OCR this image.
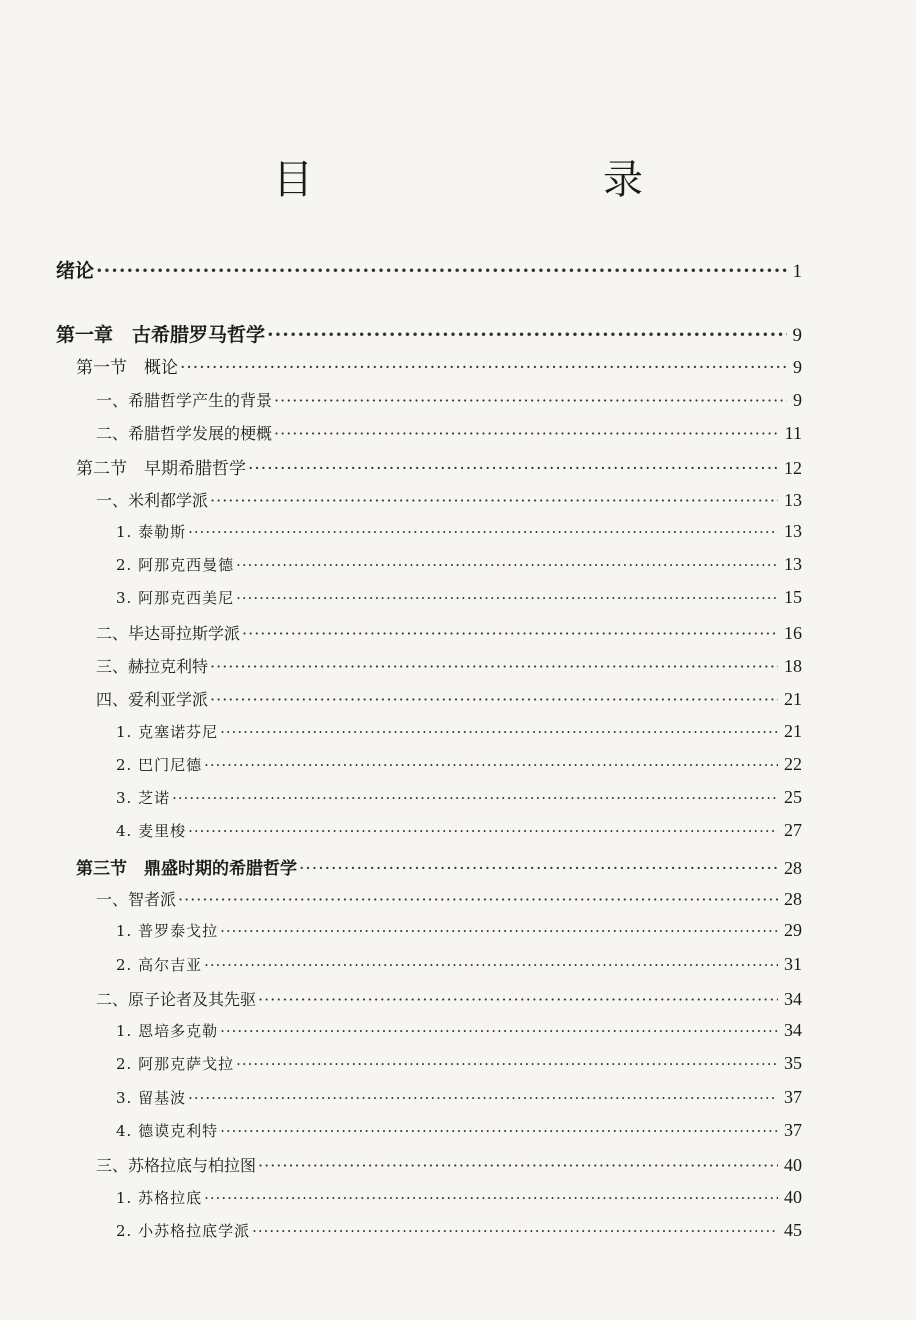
目　　录
绪论 ·····	1
第一章　古希腊罗马哲学 ·····	9
第一节　概论 ·····	9
一、希腊哲学产生的背景 ·····	9
二、希腊哲学发展的梗概 ·····	11
第二节　早期希腊哲学 ·····	12
一、米利都学派 ·····	13
1. 泰勒斯 ·····	13
2. 阿那克西曼德 ·····	13
3. 阿那克西美尼 ·····	15
二、毕达哥拉斯学派 ·····	16
三、赫拉克利特 ·····	18
四、爱利亚学派 ·····	21
1. 克塞诺芬尼 ·····	21
2. 巴门尼德 ·····	22
3. 芝诺 ·····	25
4. 麦里梭 ·····	27
第三节　鼎盛时期的希腊哲学 ·····	28
一、智者派 ·····	28
1. 普罗泰戈拉 ·····	29
2. 高尔吉亚 ·····	31
二、原子论者及其先驱 ·····	34
1. 恩培多克勒 ·····	34
2. 阿那克萨戈拉 ·····	35
3. 留基波 ·····	37
4. 德谟克利特 ·····	37
三、苏格拉底与柏拉图 ·····	40
1. 苏格拉底 ·····	40
2. 小苏格拉底学派 ·····	45
